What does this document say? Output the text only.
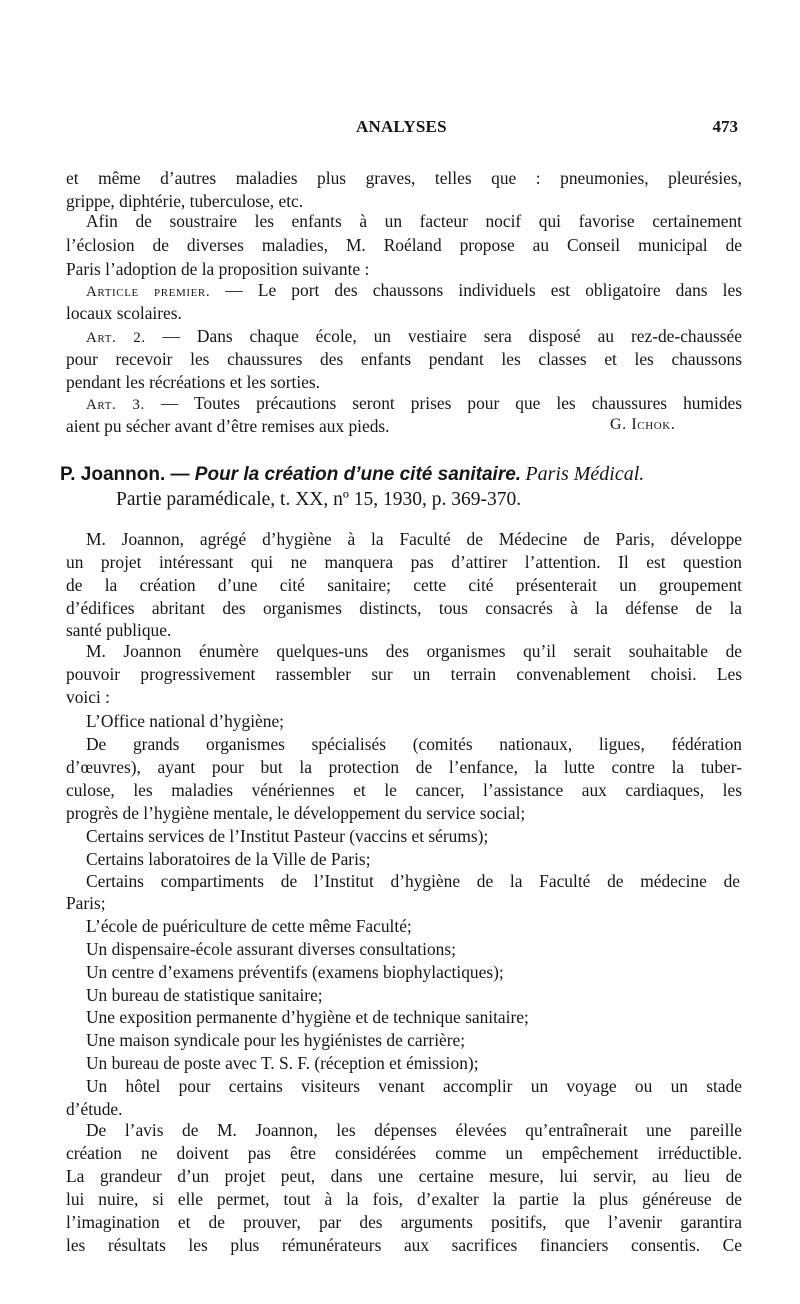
ANALYSES	473
et même d’autres maladies plus graves, telles que : pneumonies, pleurésies,
grippe, diphtérie, tuberculose, etc.
Afin de soustraire les enfants à un facteur nocif qui favorise certainement
l’éclosion de diverses maladies, M. Roéland propose au Conseil municipal de
Paris l’adoption de la proposition suivante :
Article premier. — Le port des chaussons individuels est obligatoire dans les
locaux scolaires.
Art. 2. — Dans chaque école, un vestiaire sera disposé au rez-de-chaussée
pour recevoir les chaussures des enfants pendant les classes et les chaussons
pendant les récréations et les sorties.
Art. 3. — Toutes précautions seront prises pour que les chaussures humides
aient pu sécher avant d’être remises aux pieds.	G. Ichok.
P. Joannon. — Pour la création d’une cité sanitaire. Paris Médical.
Partie paramédicale, t. XX, nº 15, 1930, p. 369-370.
M. Joannon, agrégé d’hygiène à la Faculté de Médecine de Paris, développe
un projet intéressant qui ne manquera pas d’attirer l’attention. Il est question
de la création d’une cité sanitaire; cette cité présenterait un groupement
d’édifices abritant des organismes distincts, tous consacrés à la défense de la
santé publique.
M. Joannon énumère quelques-uns des organismes qu’il serait souhaitable de
pouvoir progressivement rassembler sur un terrain convenablement choisi. Les
voici :
L’Office national d’hygiène;
De grands organismes spécialisés (comités nationaux, ligues, fédération
d’œuvres), ayant pour but la protection de l’enfance, la lutte contre la tuber-
culose, les maladies vénériennes et le cancer, l’assistance aux cardiaques, les
progrès de l’hygiène mentale, le développement du service social;
Certains services de l’Institut Pasteur (vaccins et sérums);
Certains laboratoires de la Ville de Paris;
Certains compartiments de l’Institut d’hygiène de la Faculté de médecine de
Paris;
L’école de puériculture de cette même Faculté;
Un dispensaire-école assurant diverses consultations;
Un centre d’examens préventifs (examens biophylactiques);
Un bureau de statistique sanitaire;
Une exposition permanente d’hygiène et de technique sanitaire;
Une maison syndicale pour les hygiénistes de carrière;
Un bureau de poste avec T. S. F. (réception et émission);
Un hôtel pour certains visiteurs venant accomplir un voyage ou un stade
d’étude.
De l’avis de M. Joannon, les dépenses élevées qu’entraînerait une pareille
création ne doivent pas être considérées comme un empêchement irréductible.
La grandeur d’un projet peut, dans une certaine mesure, lui servir, au lieu de
lui nuire, si elle permet, tout à la fois, d’exalter la partie la plus généreuse de
l’imagination et de prouver, par des arguments positifs, que l’avenir garantira
les résultats les plus rémunérateurs aux sacrifices financiers consentis. Ce
